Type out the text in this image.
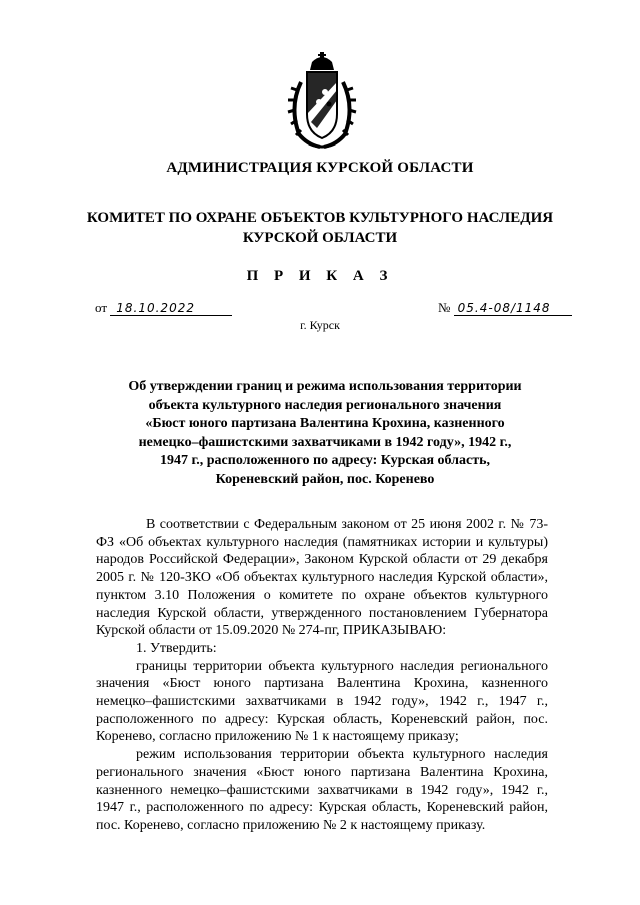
АДМИНИСТРАЦИЯ КУРСКОЙ ОБЛАСТИ
КОМИТЕТ ПО ОХРАНЕ ОБЪЕКТОВ КУЛЬТУРНОГО НАСЛЕДИЯ
КУРСКОЙ ОБЛАСТИ
П Р И К А З
от 18.10.2022	№ 05.4-08/1148
г. Курск
Об утверждении границ и режима использования территории
объекта культурного наследия регионального значения
«Бюст юного партизана Валентина Крохина, казненного
немецко–фашистскими захватчиками в 1942 году», 1942 г.,
1947 г., расположенного по адресу: Курская область,
Кореневский район, пос. Коренево

В соответствии с Федеральным законом от 25 июня 2002 г. № 73-ФЗ «Об объектах культурного наследия (памятниках истории и культуры) народов Российской Федерации», Законом Курской области от 29 декабря 2005 г. № 120-ЗКО «Об объектах культурного наследия Курской области», пунктом 3.10 Положения о комитете по охране объектов культурного наследия Курской области, утвержденного постановлением Губернатора Курской области от 15.09.2020 № 274-пг, ПРИКАЗЫВАЮ:

1. Утвердить:

границы территории объекта культурного наследия регионального значения «Бюст юного партизана Валентина Крохина, казненного немецко–фашистскими захватчиками в 1942 году», 1942 г., 1947 г., расположенного по адресу: Курская область, Кореневский район, пос. Коренево, согласно приложению № 1 к настоящему приказу;

режим использования территории объекта культурного наследия регионального значения «Бюст юного партизана Валентина Крохина, казненного немецко–фашистскими захватчиками в 1942 году», 1942 г., 1947 г., расположенного по адресу: Курская область, Кореневский район, пос. Коренево, согласно приложению № 2 к настоящему приказу.
